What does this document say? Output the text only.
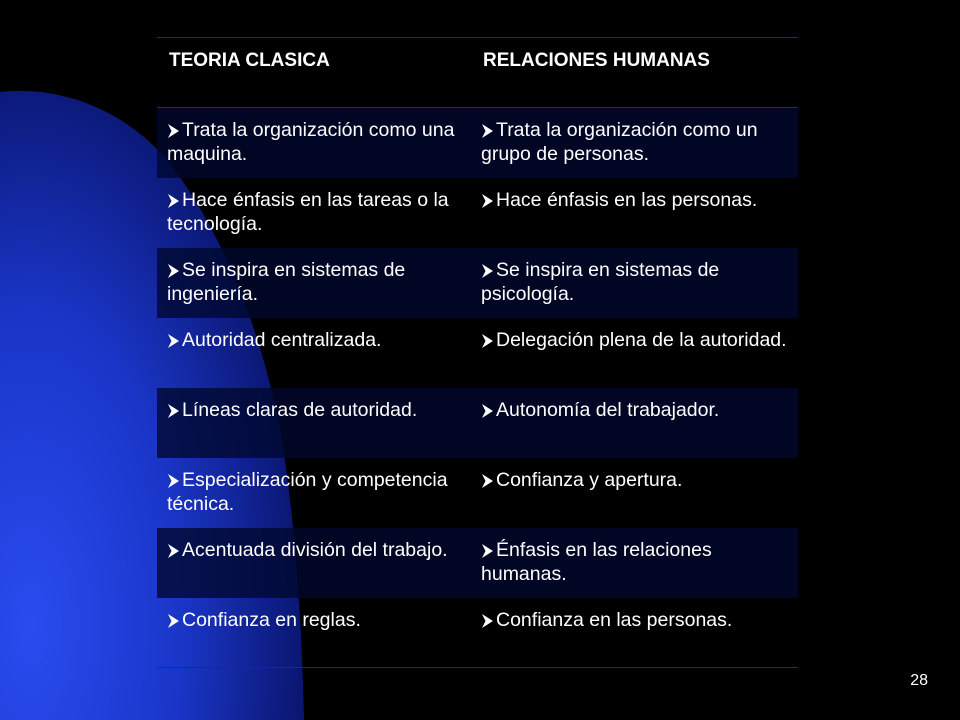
TEORIA CLASICA	RELACIONES HUMANAS

Trata la organización como una maquina.	Trata la organización como un grupo de personas.

Hace énfasis en las tareas o la tecnología.	Hace énfasis en las personas.

Se inspira en sistemas de ingeniería.	Se inspira en sistemas de psicología.

Autoridad centralizada.	Delegación plena de la autoridad.

Líneas claras de autoridad.	Autonomía del trabajador.

Especialización y competencia técnica.	Confianza y apertura.

Acentuada división del trabajo.	Énfasis en las relaciones humanas.

Confianza en reglas.	Confianza en las personas.
28
